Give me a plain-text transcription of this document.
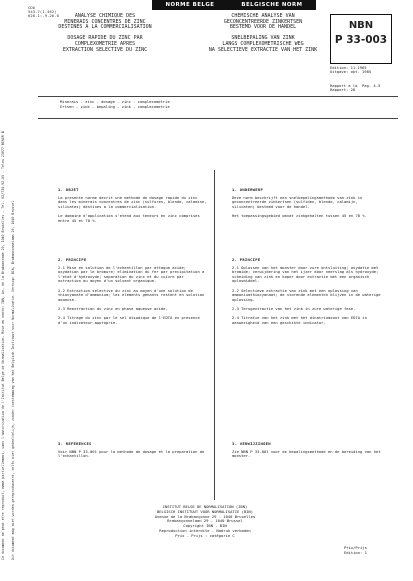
Ce document ne peut etre reproduit, meme partiellement, sans l'autorisation de l'Institut Belge de Normalisation. Mise en vente: IBN, Av. de la Brabanconne 29, 1040 Bruxelles - Tel. 02/734.92.05 - Telex 23877 BENOR B	Dit document mag niet worden gereproduceerd, zelfs niet gedeeltelijk, zonder toestemming van het Belgisch Instituut voor Normalisatie. Verkoop: BIN, Brabanconnelaan 29, 1040 Brussel
CDU
543.7(1.462)
620.1:.9.26.0
NORME BELGE	BELGISCHE NORM
ANALYSE CHIMIQUE DES
MINERAIS CONCENTRES DE ZINC
DESTINES A LA COMMERCIALISATION

DOSAGE RAPIDE DU ZINC PAR
COMPLEXOMETRIE APRES
EXTRACTION SELECTIVE DU ZINC
CHEMISCHE ANALYSE VAN
GECONCENTREERDE ZINKERTSEN
BESTEMD VOOR DE HANDEL

SNELBEPALING VAN ZINK
LANGS COMPLEXOMETRISCHE WEG
NA SELECTIEVE EXTRACTIE VAN HET ZINK
NBN
P 33-003
Edition: 11-1965
Uitgave: okt. 1985

Rapport a la  Pag. 4-5
Rapport: 28
Minerais - zinc - dosage - zinc - complexometrie
Ertsen - zink - bepaling - zink - complexometrie
1. OBJET
La presente norme decrit une methode de dosage rapide du zinc dans les minerais concentres de zinc (sulfures, blende, calamine, silicates) destines a la commercialisation.

Le domaine d'application s'etend aux teneurs en zinc comprises entre 45 et 70 %.
1. ONDERWERP
Deze norm beschrijft een snelbepalingsmethode van zink in geconcentreerde zinkertsen (sulfiden, blende, calamijn, silicaten) bestemd voor de handel.

Het toepassingsgebied omvat zinkgehalten tussen 45 en 70 %.
2. PRINCIPE
2.1 Mise en solution de l'echantillon par attaque acide; oxydation par le bromure; elimination du fer par precipitation a l'etat d'hydroxyde; separation du zinc et du cuivre par extraction au moyen d'un solvant organique.

2.2 Extraction selective du zinc au moyen d'une solution de thiocyanate d'ammonium; les elements genants restent en solution aqueuse.

2.3 Reextraction du zinc en phase aqueuse acide.

2.4 Titrage du zinc par le sel disodique de l'EDTA en presence d'un indicateur approprie.
2. PRINCIPE
2.1 Oplossen van het monster door zure ontsluiting; oxydatie met bromide; verwijdering van het ijzer door neerslag als hydroxyde; scheiding van zink en koper door extractie met een organisch oplosmiddel.

2.2 Selectieve extractie van zink met een oplossing van ammoniumthiocyanaat; de storende elementen blijven in de waterige oplossing.

2.3 Terugextractie van het zink in zure waterige fase.

2.4 Titratie van het zink met het dinatriumzout van EDTA in aanwezigheid van een geschikte indicator.
3. REFERENCES
Voir NBN P 33-001 pour la methode de dosage et la preparation de l'echantillon.
3. VERWIJZINGEN
Zie NBN P 33-001 voor de bepalingsmethode en de bereiding van het monster.
INSTITUT BELGE DE NORMALISATION (IBN)
BELGISCH INSTITUUT VOOR NORMALISATIE (BIN)
Avenue de la Brabançonne 29 - 1040 Bruxelles
Brabançonnelaan 29 - 1040 Brussel
Copyright IBN - BIN
Reproduction interdite - Nadruk verboden
Prix - Prijs : catégorie C
Prix/Prijs
Edition: 1
